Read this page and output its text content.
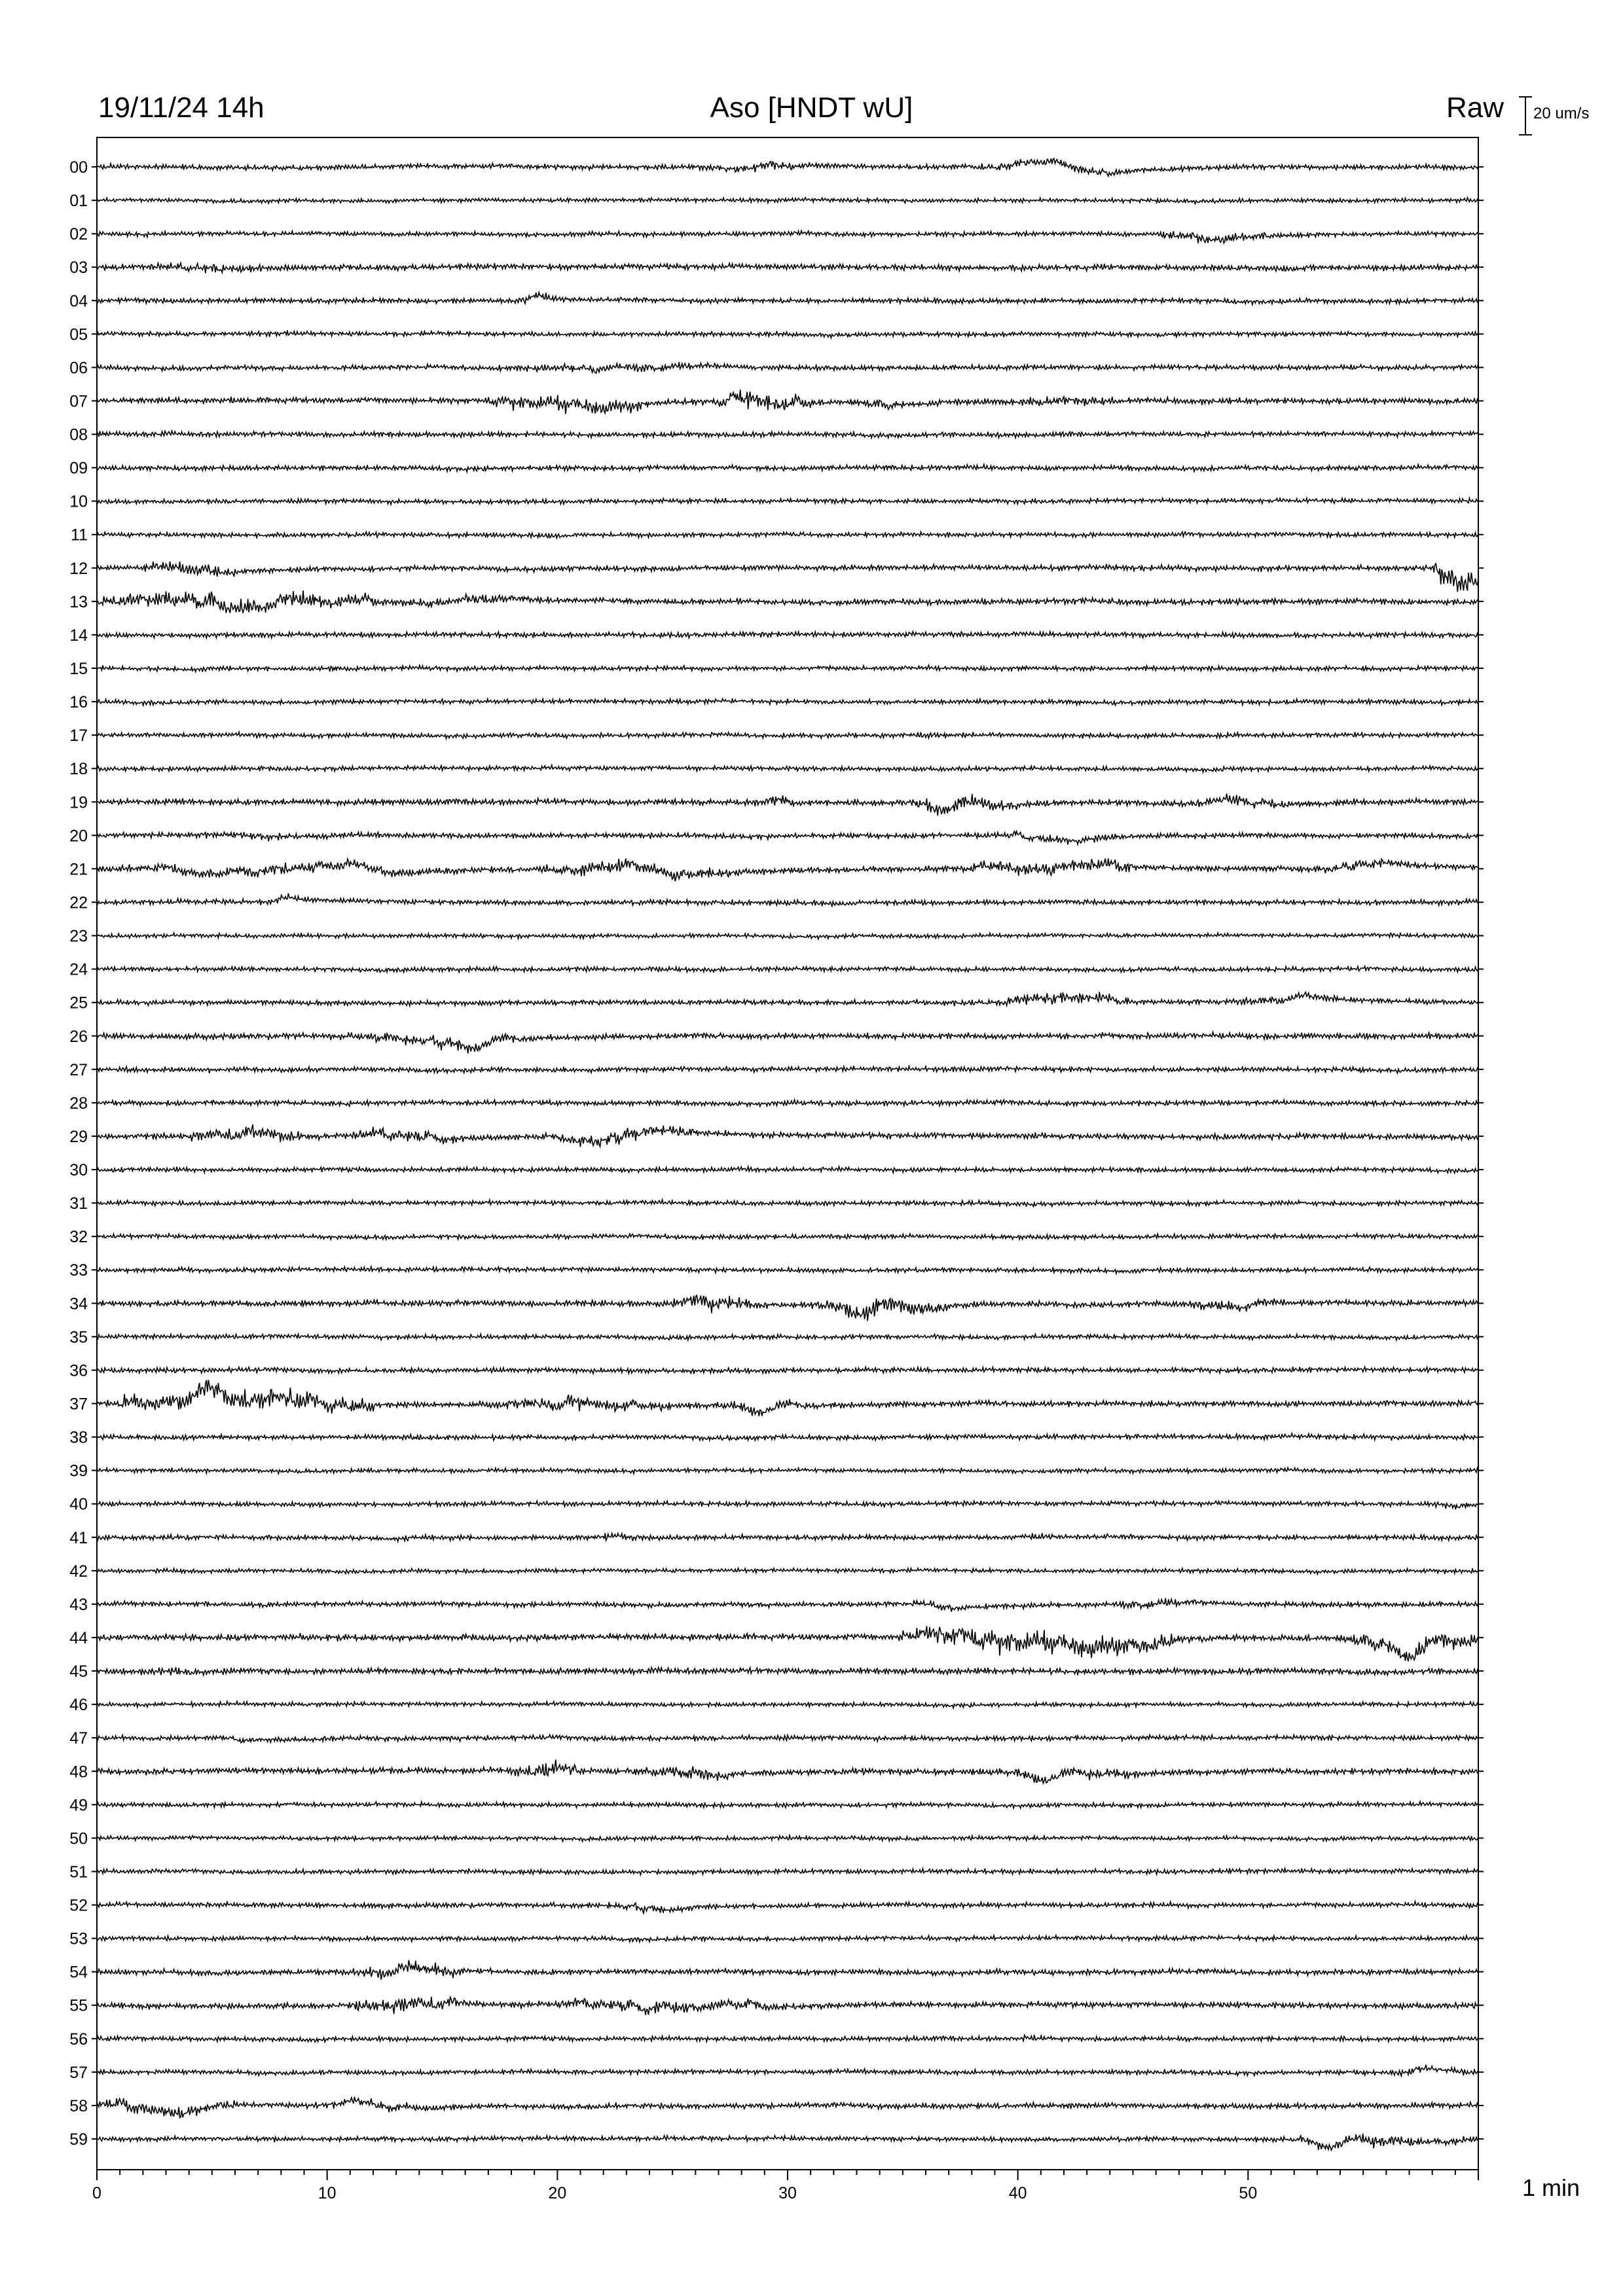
19/11/24 14h	Aso [HNDT wU]	Raw 20 um/s
1 min
00
01
02
03
04
05
06
07
08
09
10
11
12
13
14
15
16
17
18
19
20
21
22
23
24
25
26
27
28
29
30
31
32
33
34
35
36
37
38
39
40
41
42
43
44
45
46
47
48
49
50
51
52
53
54
55
56
57
58
59
0	10	20	30	40	50
